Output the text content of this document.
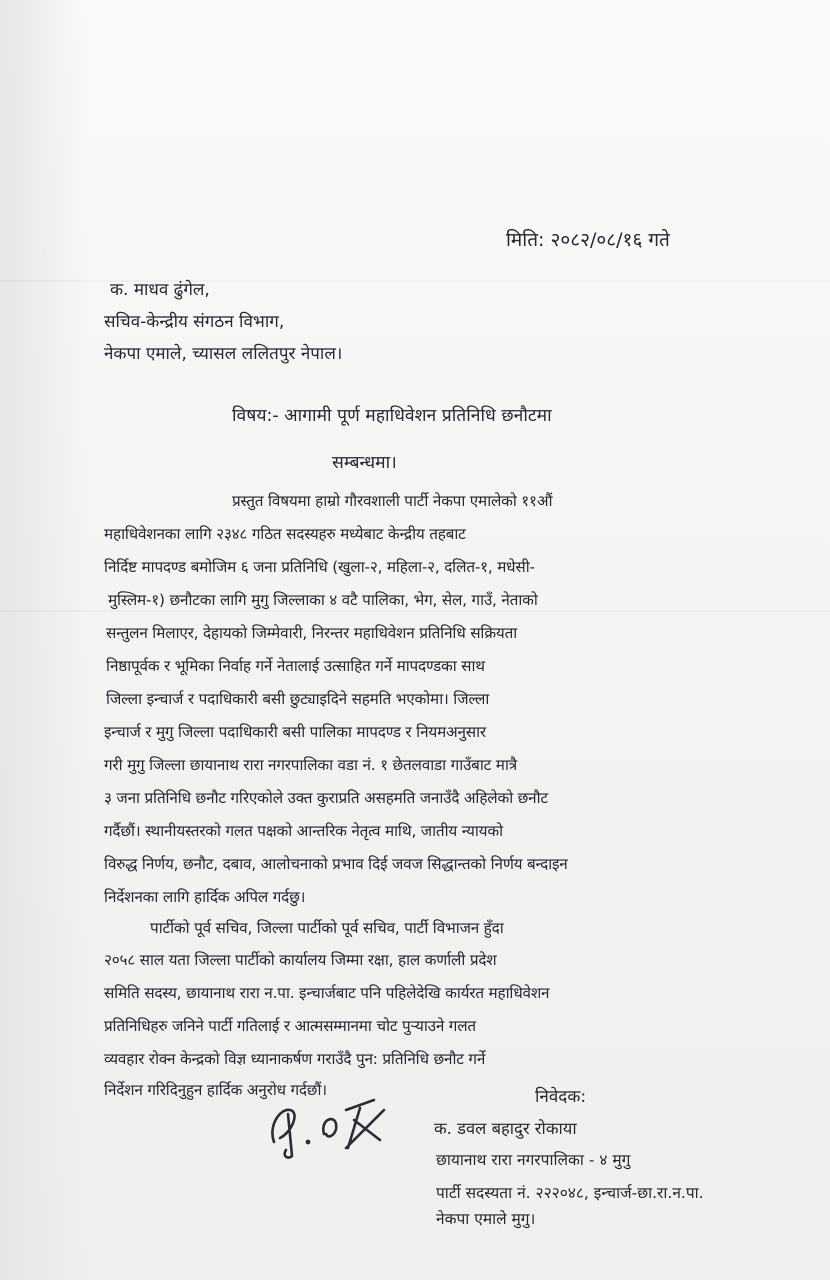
मिति: २०८२/०८/१६ गते
क. माधव ढुंगेल,
सचिव-केन्द्रीय संगठन विभाग,
नेकपा एमाले, च्यासल ललितपुर नेपाल।
विषय:- आगामी पूर्ण महाधिवेशन प्रतिनिधि छनौटमा
सम्बन्धमा।
प्रस्तुत विषयमा हाम्रो गौरवशाली पार्टी नेकपा एमालेको ११औं
महाधिवेशनका लागि २३४८ गठित सदस्यहरु मध्येबाट केन्द्रीय तहबाट
निर्दिष्ट मापदण्ड बमोजिम ६ जना प्रतिनिधि (खुला-२, महिला-२, दलित-१, मधेसी-
मुस्लिम-१) छनौटका लागि मुगु जिल्लाका ४ वटै पालिका, भेग, सेल, गाउँ, नेताको
सन्तुलन मिलाएर, देहायको जिम्मेवारी, निरन्तर महाधिवेशन प्रतिनिधि सक्रियता
निष्ठापूर्वक र भूमिका निर्वाह गर्ने नेतालाई उत्साहित गर्ने मापदण्डका साथ
जिल्ला इन्चार्ज र पदाधिकारी बसी छुट्याइदिने सहमति भएकोमा। जिल्ला
इन्चार्ज र मुगु जिल्ला पदाधिकारी बसी पालिका मापदण्ड र नियमअनुसार
गरी मुगु जिल्ला छायानाथ रारा नगरपालिका वडा नं. १ छेतलवाडा गाउँबाट मात्रै
३ जना प्रतिनिधि छनौट गरिएकोले उक्त कुराप्रति असहमति जनाउँदै अहिलेको छनौट
गर्दैछौं। स्थानीयस्तरको गलत पक्षको आन्तरिक नेतृत्व माथि, जातीय न्यायको
विरुद्ध निर्णय, छनौट, दबाव, आलोचनाको प्रभाव दिई जवज सिद्धान्तको निर्णय बन्दाइन
निर्देशनका लागि हार्दिक अपिल गर्दछु।
पार्टीको पूर्व सचिव, जिल्ला पार्टीको पूर्व सचिव, पार्टी विभाजन हुँदा
२०५८ साल यता जिल्ला पार्टीको कार्यालय जिम्मा रक्षा, हाल कर्णाली प्रदेश
समिति सदस्य, छायानाथ रारा न.पा. इन्चार्जबाट पनि पहिलेदेखि कार्यरत महाधिवेशन
प्रतिनिधिहरु जनिने पार्टी गतिलाई र आत्मसम्मानमा चोट पुर्‍याउने गलत
व्यवहार रोक्न केन्द्रको विज्ञ ध्यानाकर्षण गराउँदै पुन: प्रतिनिधि छनौट गर्ने
निर्देशन गरिदिनुहुन हार्दिक अनुरोध गर्दछौं।	निवेदक:
क. डवल बहादुर रोकाया
छायानाथ रारा नगरपालिका - ४ मुगु
पार्टी सदस्यता नं. २२२०४८, इन्चार्ज-छा.रा.न.पा.
नेकपा एमाले मुगु।
